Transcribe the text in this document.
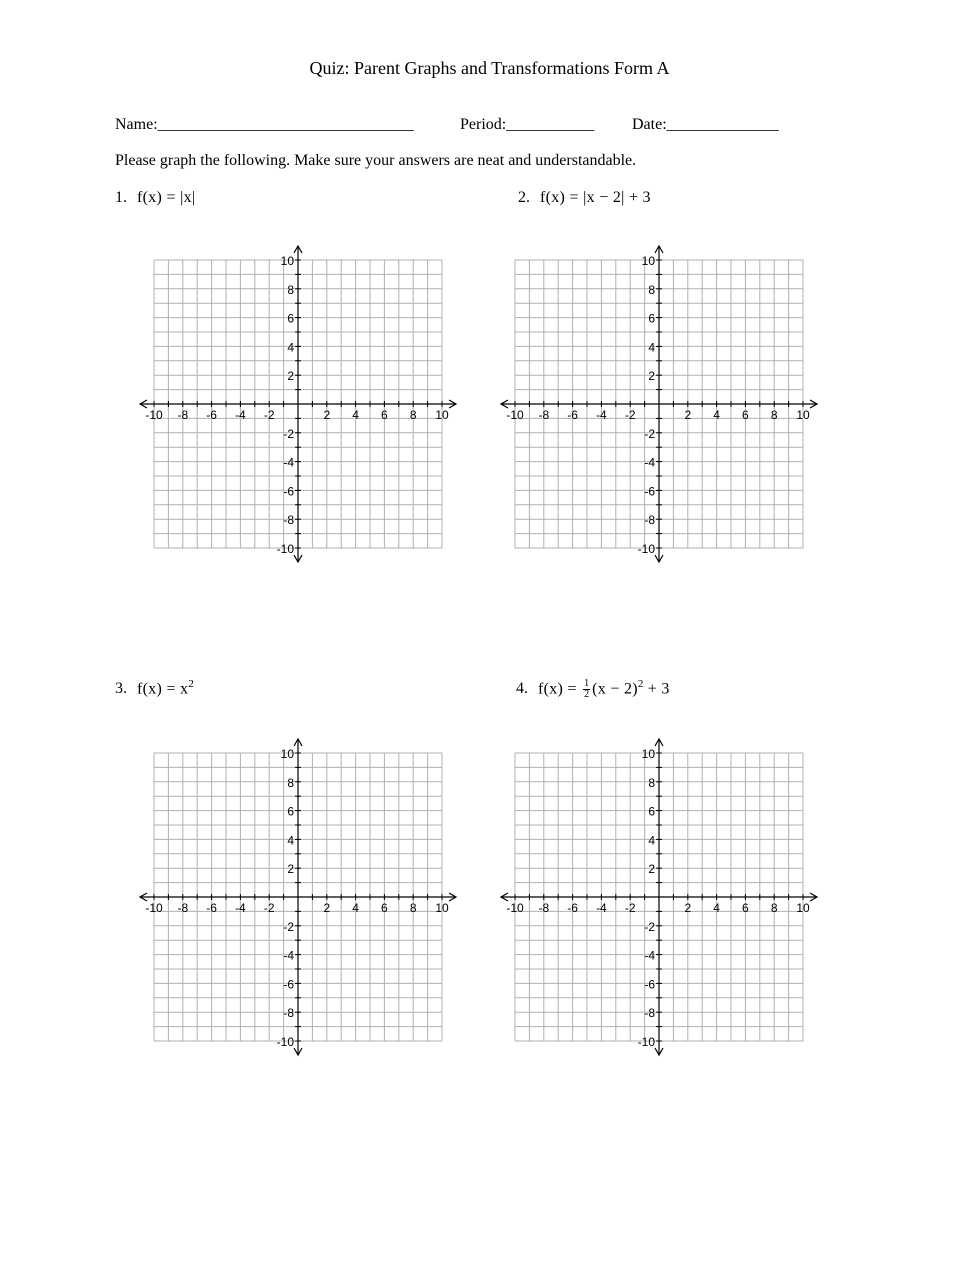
Quiz: Parent Graphs and Transformations Form A
Name:________________________________	Period:___________ Date:______________
Please graph the following. Make sure your answers are neat and understandable.
1. f(x) = |x|	2. f(x) = |x − 2| + 3
3. $f(x) = x^2$	4. $f(x) = \frac{1}{2} (x - 2)^2 + 3$
-10 -8 -6 -4 -2	2 4 6 8 10
10
8
6
4
2
-2
-4
-6
-8
-10
-10 -8 -6 -4 -2	2 4 6 8 10
10
8
6
4
2
-2
-4
-6
-8
-10
-10 -8 -6 -4 -2	2 4 6 8 10
10
8
6
4
2
-2
-4
-6
-8
-10
-10 -8 -6 -4 -2	2 4 6 8 10
10
8
6
4
2
-2
-4
-6
-8
-10
